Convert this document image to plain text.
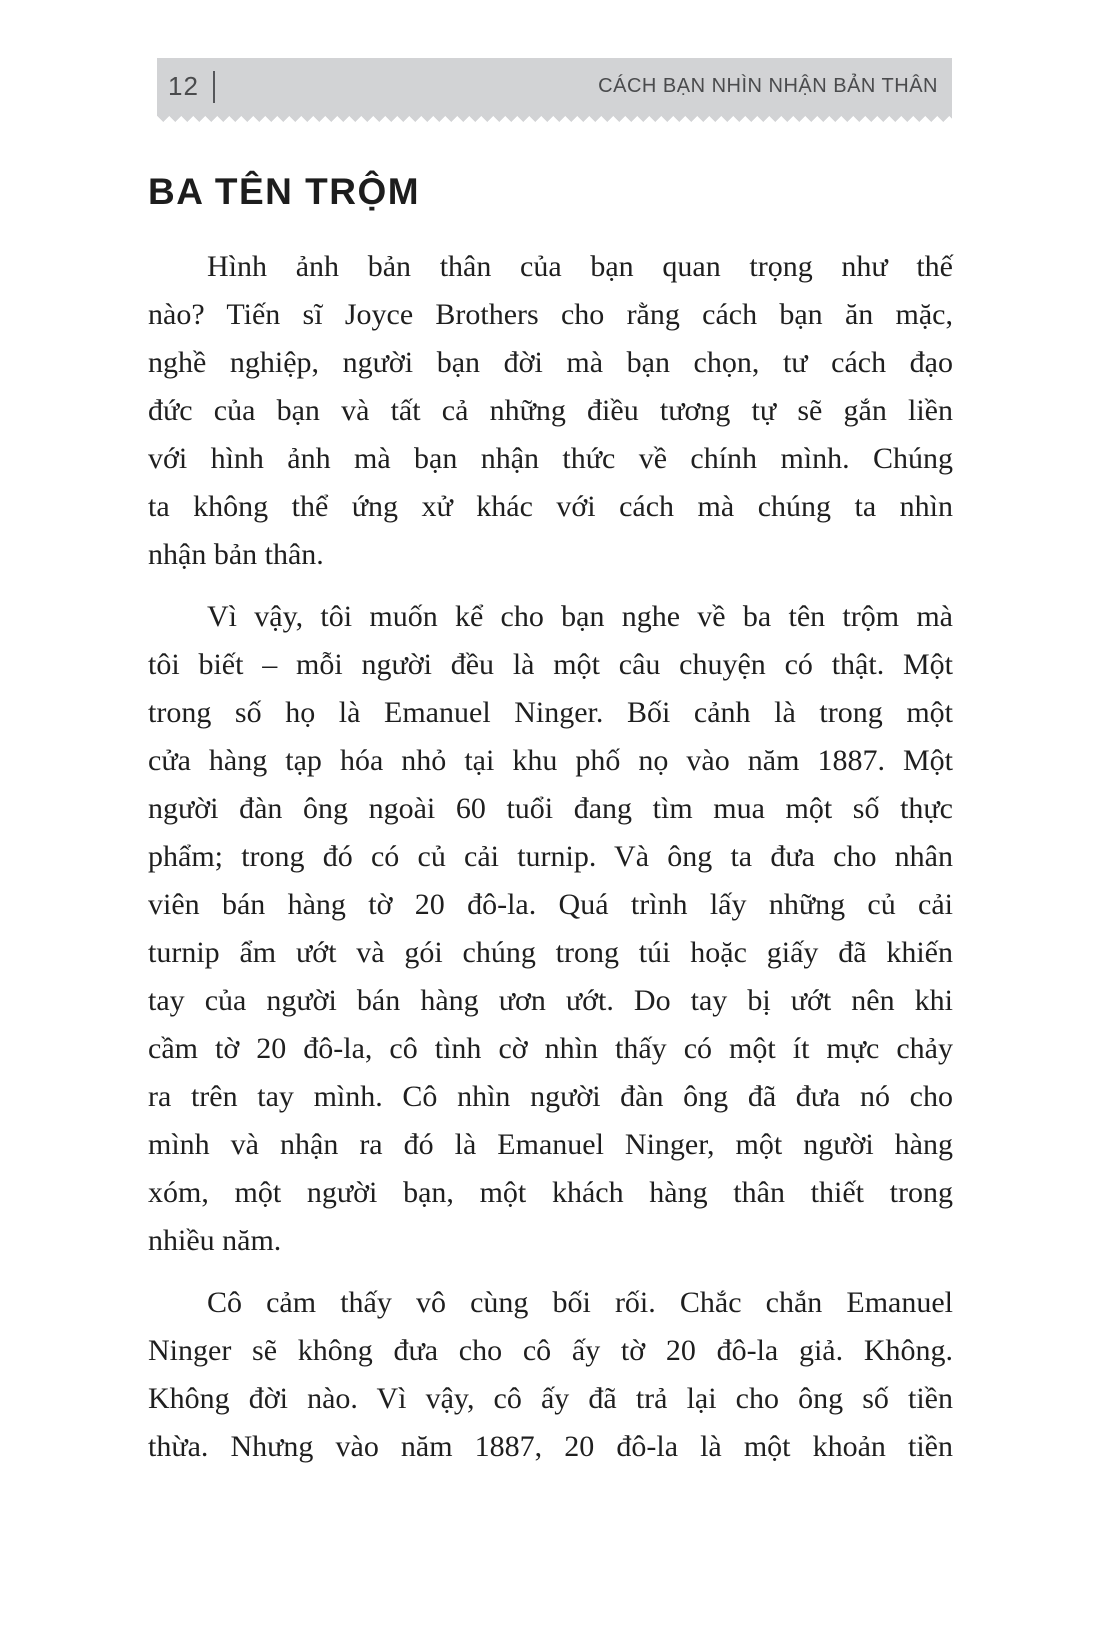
12	CÁCH BẠN NHÌN NHẬN BẢN THÂN
BA TÊN TRỘM
Hình ảnh bản thân của bạn quan trọng như thế
nào? Tiến sĩ Joyce Brothers cho rằng cách bạn ăn mặc,
nghề nghiệp, người bạn đời mà bạn chọn, tư cách đạo
đức của bạn và tất cả những điều tương tự sẽ gắn liền
với hình ảnh mà bạn nhận thức về chính mình. Chúng
ta không thể ứng xử khác với cách mà chúng ta nhìn
nhận bản thân.
Vì vậy, tôi muốn kể cho bạn nghe về ba tên trộm mà
tôi biết – mỗi người đều là một câu chuyện có thật. Một
trong số họ là Emanuel Ninger. Bối cảnh là trong một
cửa hàng tạp hóa nhỏ tại khu phố nọ vào năm 1887. Một
người đàn ông ngoài 60 tuổi đang tìm mua một số thực
phẩm; trong đó có củ cải turnip. Và ông ta đưa cho nhân
viên bán hàng tờ 20 đô-la. Quá trình lấy những củ cải
turnip ẩm ướt và gói chúng trong túi hoặc giấy đã khiến
tay của người bán hàng ươn ướt. Do tay bị ướt nên khi
cầm tờ 20 đô-la, cô tình cờ nhìn thấy có một ít mực chảy
ra trên tay mình. Cô nhìn người đàn ông đã đưa nó cho
mình và nhận ra đó là Emanuel Ninger, một người hàng
xóm, một người bạn, một khách hàng thân thiết trong
nhiều năm.
Cô cảm thấy vô cùng bối rối. Chắc chắn Emanuel
Ninger sẽ không đưa cho cô ấy tờ 20 đô-la giả. Không.
Không đời nào. Vì vậy, cô ấy đã trả lại cho ông số tiền
thừa. Nhưng vào năm 1887, 20 đô-la là một khoản tiền
